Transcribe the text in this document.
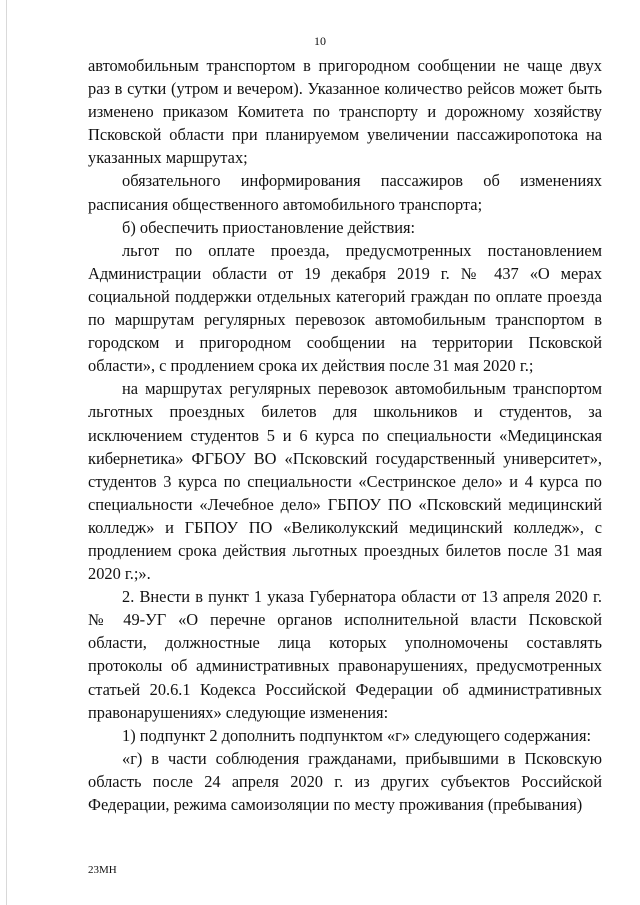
10

автомобильным транспортом в пригородном сообщении не чаще двух раз в сутки (утром и вечером). Указанное количество рейсов может быть изменено приказом Комитета по транспорту и дорожному хозяйству Псковской области при планируемом увеличении пассажиропотока на указанных маршрутах;

обязательного информирования пассажиров об изменениях расписания общественного автомобильного транспорта;

б) обеспечить приостановление действия:

льгот по оплате проезда, предусмотренных постановлением Администрации области от 19 декабря 2019 г. № 437 «О мерах социальной поддержки отдельных категорий граждан по оплате проезда по маршрутам регулярных перевозок автомобильным транспортом в городском и пригородном сообщении на территории Псковской области», с продлением срока их действия после 31 мая 2020 г.;

на маршрутах регулярных перевозок автомобильным транспортом льготных проездных билетов для школьников и студентов, за исключением студентов 5 и 6 курса по специальности «Медицинская кибернетика» ФГБОУ ВО «Псковский государственный университет», студентов 3 курса по специальности «Сестринское дело» и 4 курса по специальности «Лечебное дело» ГБПОУ ПО «Псковский медицинский колледж» и ГБПОУ ПО «Великолукский медицинский колледж», с продлением срока действия льготных проездных билетов после 31 мая 2020 г.;».

2. Внести в пункт 1 указа Губернатора области от 13 апреля 2020 г. № 49-УГ «О перечне органов исполнительной власти Псковской области, должностные лица которых уполномочены составлять протоколы об административных правонарушениях, предусмотренных статьей 20.6.1 Кодекса Российской Федерации об административных правонарушениях» следующие изменения:

1) подпункт 2 дополнить подпунктом «г» следующего содержания:

«г) в части соблюдения гражданами, прибывшими в Псковскую область после 24 апреля 2020 г. из других субъектов Российской Федерации, режима самоизоляции по месту проживания (пребывания)

23МН
